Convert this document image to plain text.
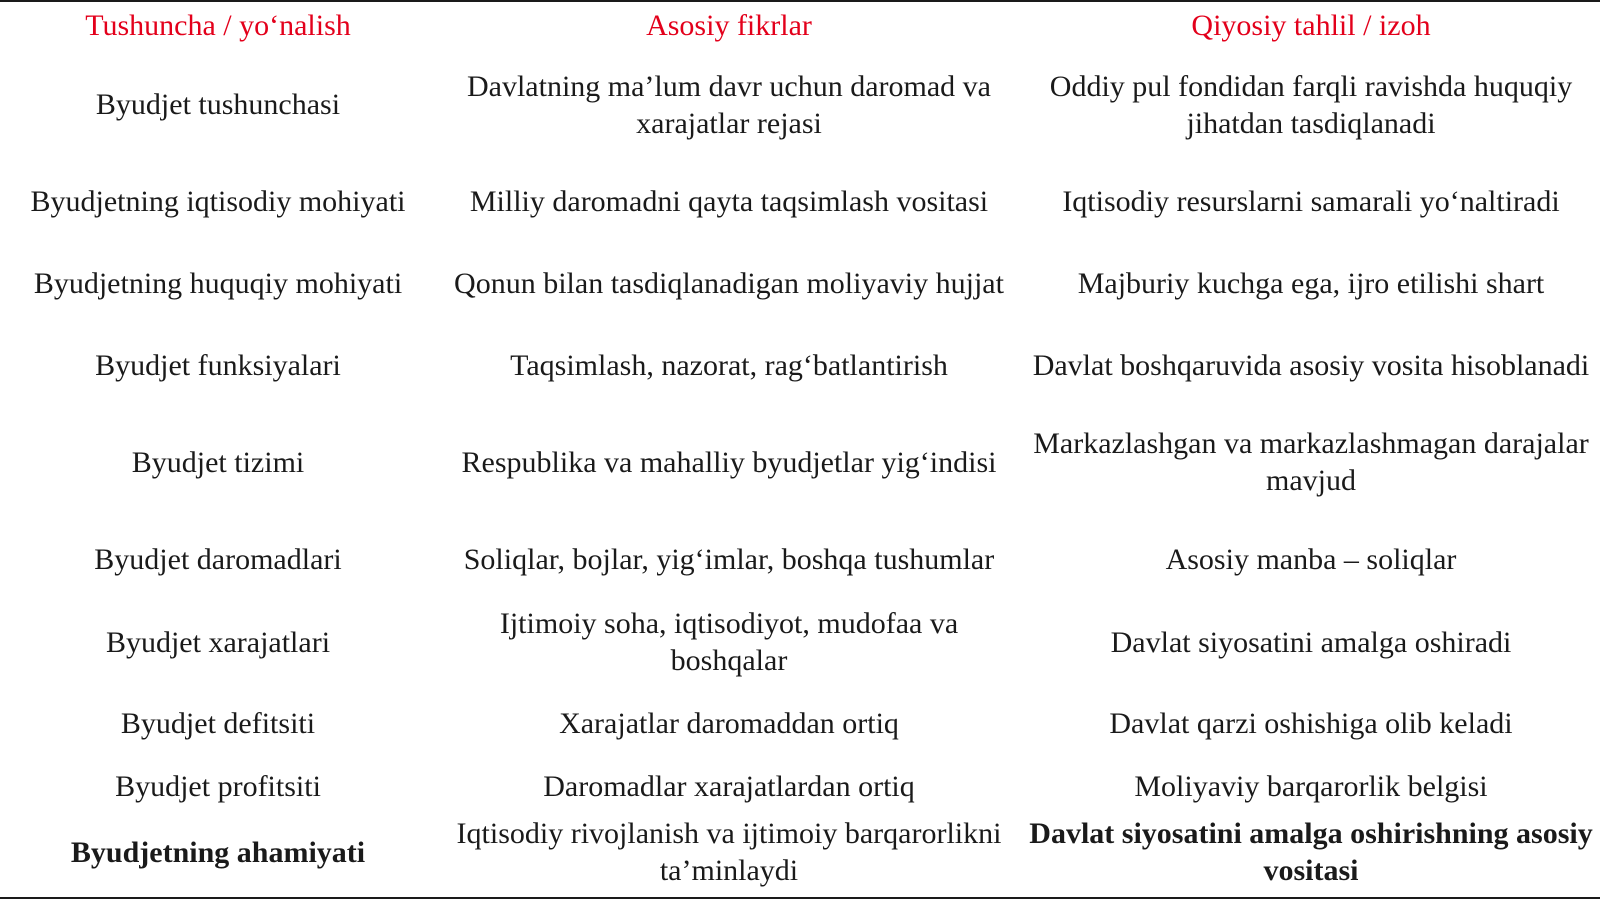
Tushuncha / yo‘nalish	Asosiy fikrlar	Qiyosiy tahlil / izoh
Byudjet tushunchasi	Davlatning ma’lum davr uchun daromad va xarajatlar rejasi	Oddiy pul fondidan farqli ravishda huquqiy jihatdan tasdiqlanadi
Byudjetning iqtisodiy mohiyati	Milliy daromadni qayta taqsimlash vositasi	Iqtisodiy resurslarni samarali yo‘naltiradi
Byudjetning huquqiy mohiyati	Qonun bilan tasdiqlanadigan moliyaviy hujjat	Majburiy kuchga ega, ijro etilishi shart
Byudjet funksiyalari	Taqsimlash, nazorat, rag‘batlantirish	Davlat boshqaruvida asosiy vosita hisoblanadi
Byudjet tizimi	Respublika va mahalliy byudjetlar yig‘indisi	Markazlashgan va markazlashmagan darajalar mavjud
Byudjet daromadlari	Soliqlar, bojlar, yig‘imlar, boshqa tushumlar	Asosiy manba – soliqlar
Byudjet xarajatlari	Ijtimoiy soha, iqtisodiyot, mudofaa va boshqalar	Davlat siyosatini amalga oshiradi
Byudjet defitsiti	Xarajatlar daromaddan ortiq	Davlat qarzi oshishiga olib keladi
Byudjet profitsiti	Daromadlar xarajatlardan ortiq	Moliyaviy barqarorlik belgisi
Byudjetning ahamiyati	Iqtisodiy rivojlanish va ijtimoiy barqarorlikni ta’minlaydi	Davlat siyosatini amalga oshirishning asosiy vositasi
